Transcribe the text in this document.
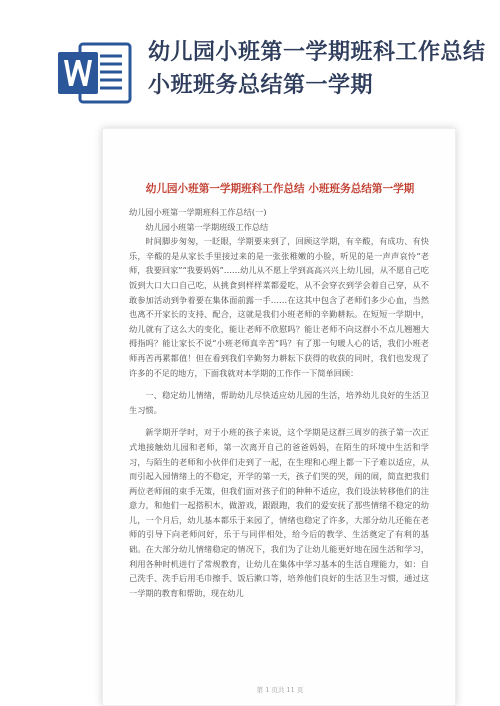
幼儿园小班第一学期班科工作总结小班班务总结第一学期
幼儿园小班第一学期班科工作总结 小班班务总结第一学期

幼儿园小班第一学期班科工作总结(一)

幼儿园小班第一学期班级工作总结

时间脚步匆匆，一眨眼，学期要来到了，回顾这学期，有辛酸，有成功、有快乐，辛酸的是从家长手里接过来的是一张张稚嫩的小脸，听见的是一声声哀怜“老师，我要回家”“我要妈妈”……幼儿从不愿上学到高高兴兴上幼儿园，从不愿自己吃饭到大口大口自己吃，从挑食到样样菜都爱吃，从不会穿衣到学会着自己穿，从不敢参加活动到争着要在集体面前露一手……在这其中包含了老师们多少心血，当然也离不开家长的支持、配合，这就是我们小班老师的辛勤耕耘。在短短一学期中，幼儿就有了这么大的变化，能让老师不欣慰吗？能让老师不向这群小不点儿翘翘大拇指吗？能让家长不说“小班老师真辛苦”吗？有了那一句暖人心的话，我们小班老师再苦再累都值！但在看到我们辛勤努力耕耘下获得的收获的同时，我们也发现了许多的不足的地方，下面我就对本学期的工作作一下简单回顾：

一、稳定幼儿情绪，帮助幼儿尽快适应幼儿园的生活，培养幼儿良好的生活卫生习惯。

新学期开学时，对于小班的孩子来说，这个学期是这群三周岁的孩子第一次正式地接触幼儿园和老师，第一次离开自己的爸爸妈妈，在陌生的环境中生活和学习，与陌生的老师和小伙伴们走到了一起，在生理和心理上都一下子难以适应，从而引起入园情绪上的不稳定，开学的第一天，孩子们哭的哭，闹的闹，简直把我们两位老师闹的束手无策，但我们面对孩子们的种种不适应，我们设法转移他们的注意力，和他们一起搭积木，做游戏，跟跟跑，我们的爱安抚了那些情绪不稳定的幼儿，一个月后，幼儿基本都乐于来园了，情绪也稳定了许多，大部分幼儿还能在老师的引导下向老师问好，乐于与同伴相处，给今后的教学、生活奠定了有利的基础。在大部分幼儿情绪稳定的情况下，我们为了让幼儿能更好地在园生活和学习，利用各种时机进行了常规教育，让幼儿在集体中学习基本的生活自理能力，如：自己洗手、洗手后用毛巾擦手、饭后漱口等，培养他们良好的生活卫生习惯，通过这一学期的教育和帮助，现在幼儿

第 1 页共 11 页
